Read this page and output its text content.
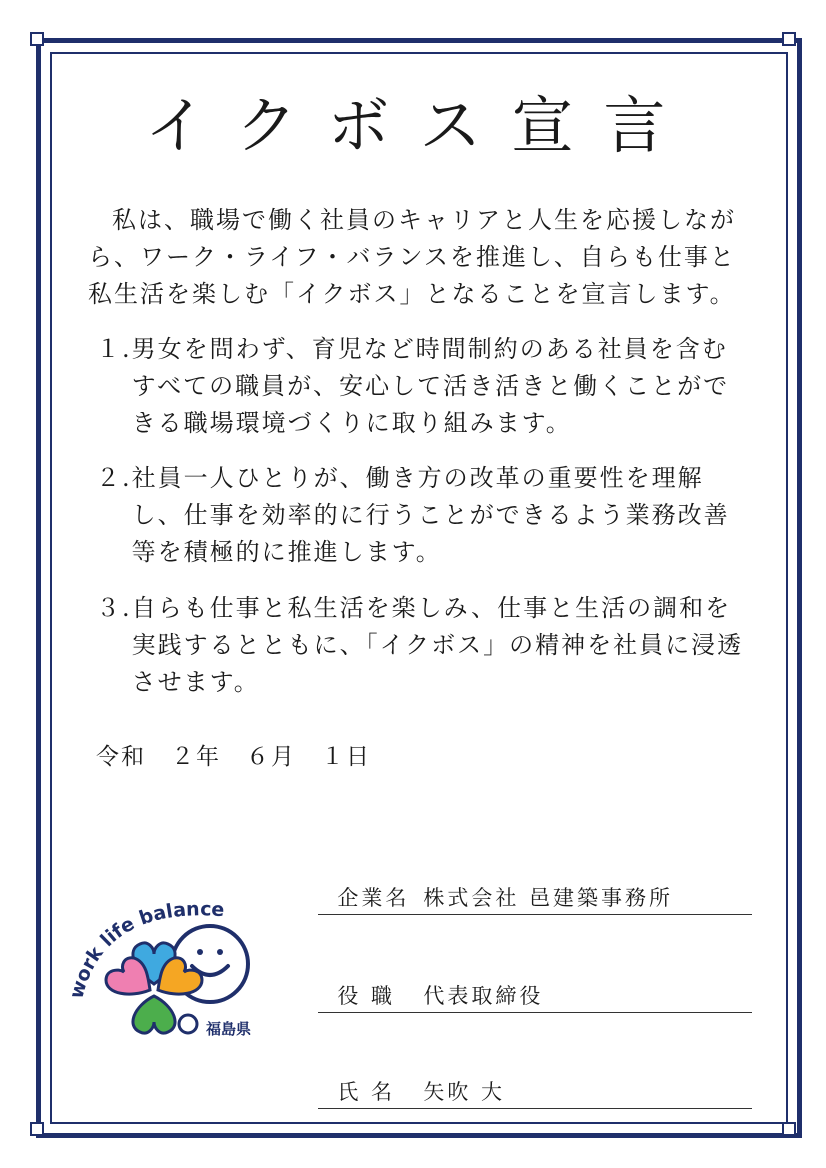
イクボス宣言

私は、職場で働く社員のキャリアと人生を応援しながら、ワーク・ライフ・バランスを推進し、自らも仕事と私生活を楽しむ「イクボス」となることを宣言します。

１. 男女を問わず、育児など時間制約のある社員を含むすべての職員が、安心して活き活きと働くことができる職場環境づくりに取り組みます。
２. 社員一人ひとりが、働き方の改革の重要性を理解し、仕事を効率的に行うことができるよう業務改善等を積極的に推進します。
３. 自らも仕事と私生活を楽しみ、仕事と生活の調和を実践するとともに、「イクボス」の精神を社員に浸透させます。
令和　２年　６月　１日

企業名 株式会社 邑建築事務所

役 職 代表取締役

氏 名 矢吹 大

work life balance
福島県
